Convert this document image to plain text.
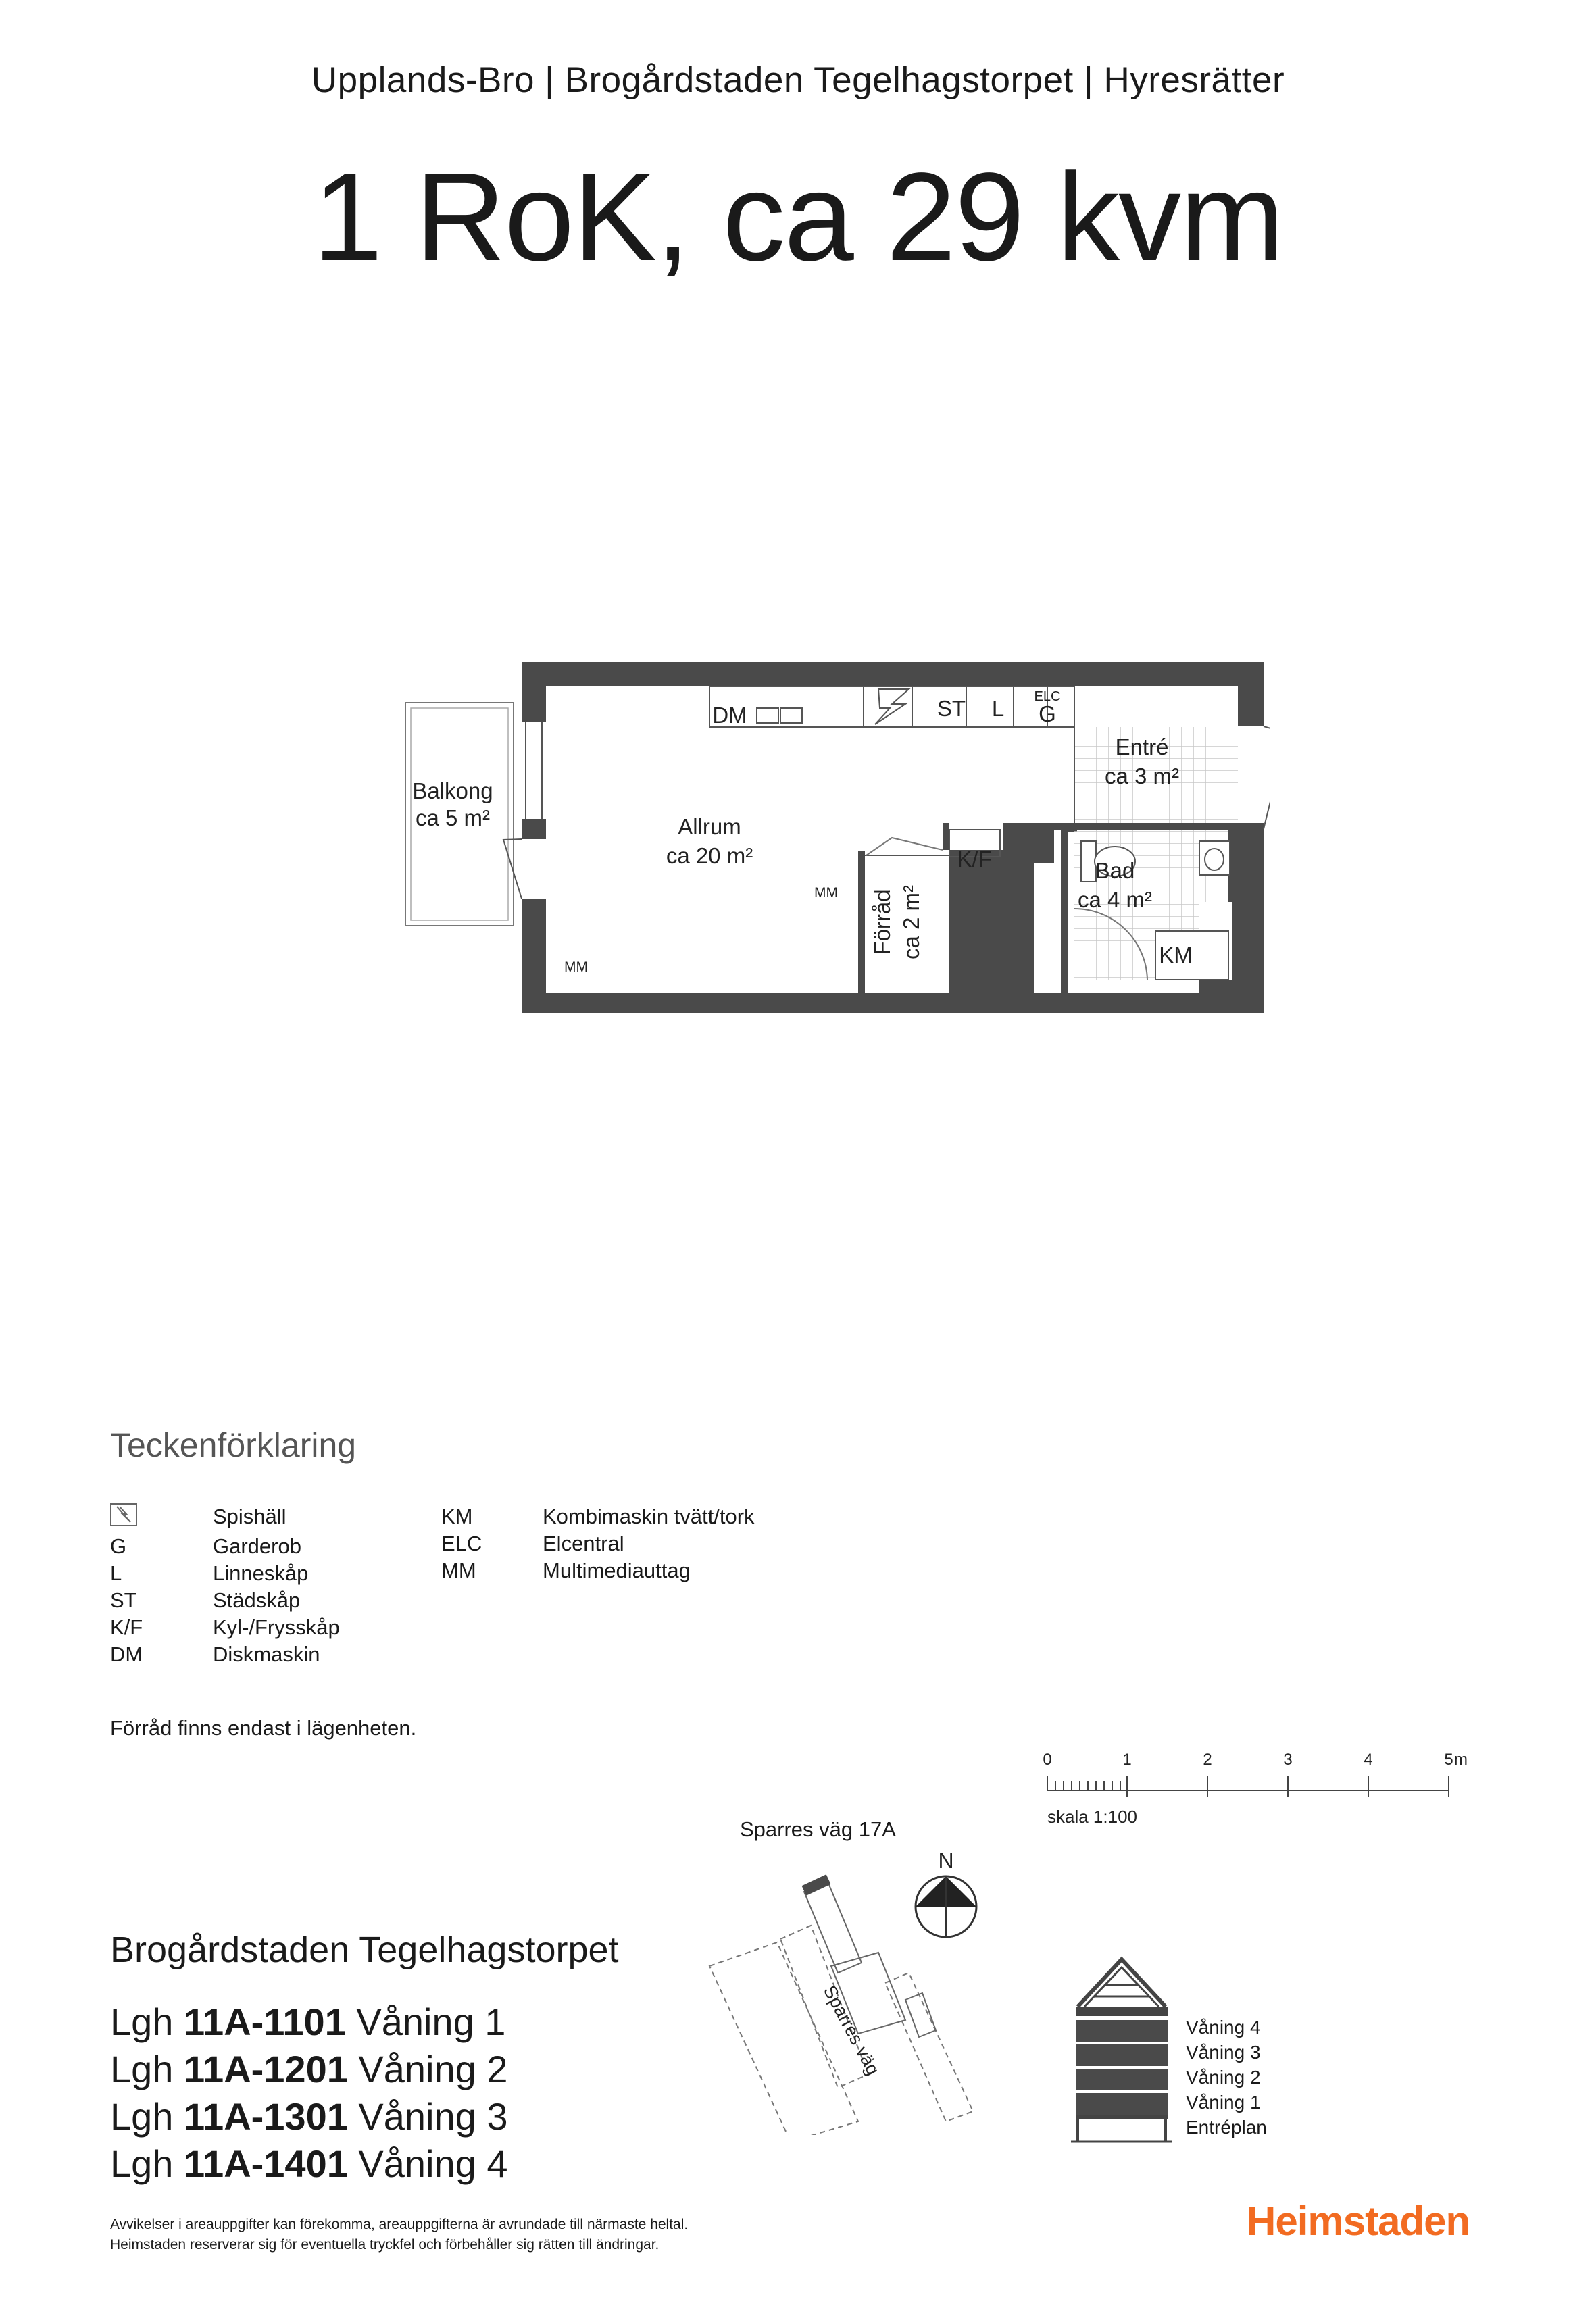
Upplands-Bro | Brogårdstaden Tegelhagstorpet | Hyresrätter
1 RoK, ca 29 kvm
Balkong
ca 5 m²	Allrum
ca 20 m²
Entré
ca 3 m²
Bad
ca 4 m²
Förråd ca 2 m²
DM	ST L ELC
G
K/F
KM
MM
MM
Teckenförklaring
Spishäll
G	Garderob
L	Linneskåp
ST	Städskåp
K/F	Kyl-/Frysskåp
DM	Diskmaskin
KM	Kombimaskin tvätt/tork
ELC	Elcentral
MM	Multimediauttag
Förråd finns endast i lägenheten.
0	1	2	3	4	5 m
skala 1:100
Sparres väg 17A
Sparres väg
N
Brogårdstaden Tegelhagstorpet
Lgh 11A-1101 Våning 1
Lgh 11A-1201 Våning 2
Lgh 11A-1301 Våning 3
Lgh 11A-1401 Våning 4
Våning 4
Våning 3
Våning 2
Våning 1
Entréplan
Avvikelser i areauppgifter kan förekomma, areauppgifterna är avrundade till närmaste heltal.
Heimstaden reserverar sig för eventuella tryckfel och förbehåller sig rätten till ändringar.
Heimstaden
